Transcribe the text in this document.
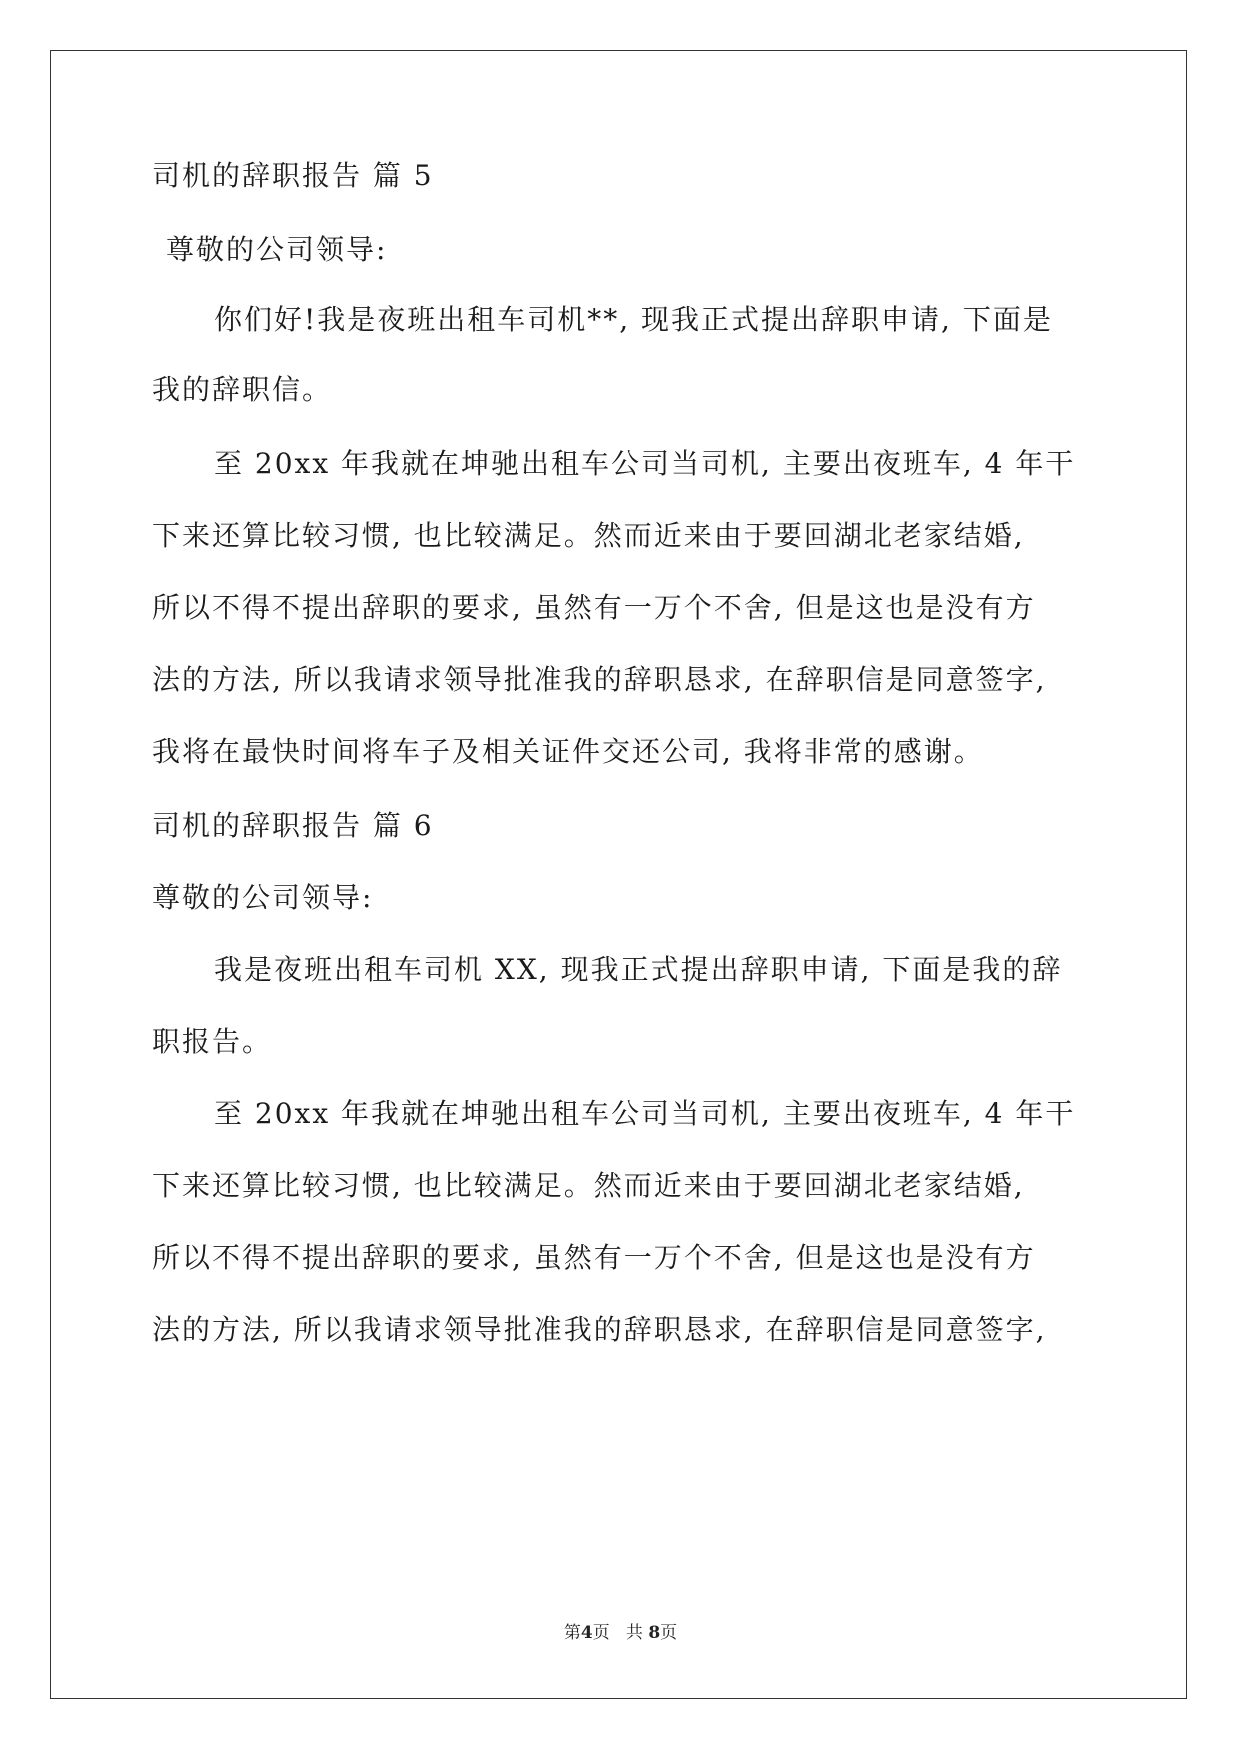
司机的辞职报告 篇 5
尊敬的公司领导:
你们好!我是夜班出租车司机**, 现我正式提出辞职申请, 下面是
我的辞职信。
至 20xx 年我就在坤驰出租车公司当司机, 主要出夜班车, 4 年干
下来还算比较习惯, 也比较满足。然而近来由于要回湖北老家结婚,
所以不得不提出辞职的要求, 虽然有一万个不舍, 但是这也是没有方
法的方法, 所以我请求领导批准我的辞职恳求, 在辞职信是同意签字,
我将在最快时间将车子及相关证件交还公司, 我将非常的感谢。
司机的辞职报告 篇 6
尊敬的公司领导:
我是夜班出租车司机 XX, 现我正式提出辞职申请, 下面是我的辞
职报告。
至 20xx 年我就在坤驰出租车公司当司机, 主要出夜班车, 4 年干
下来还算比较习惯, 也比较满足。然而近来由于要回湖北老家结婚,
所以不得不提出辞职的要求, 虽然有一万个不舍, 但是这也是没有方
法的方法, 所以我请求领导批准我的辞职恳求, 在辞职信是同意签字,
第4页 共 8页
